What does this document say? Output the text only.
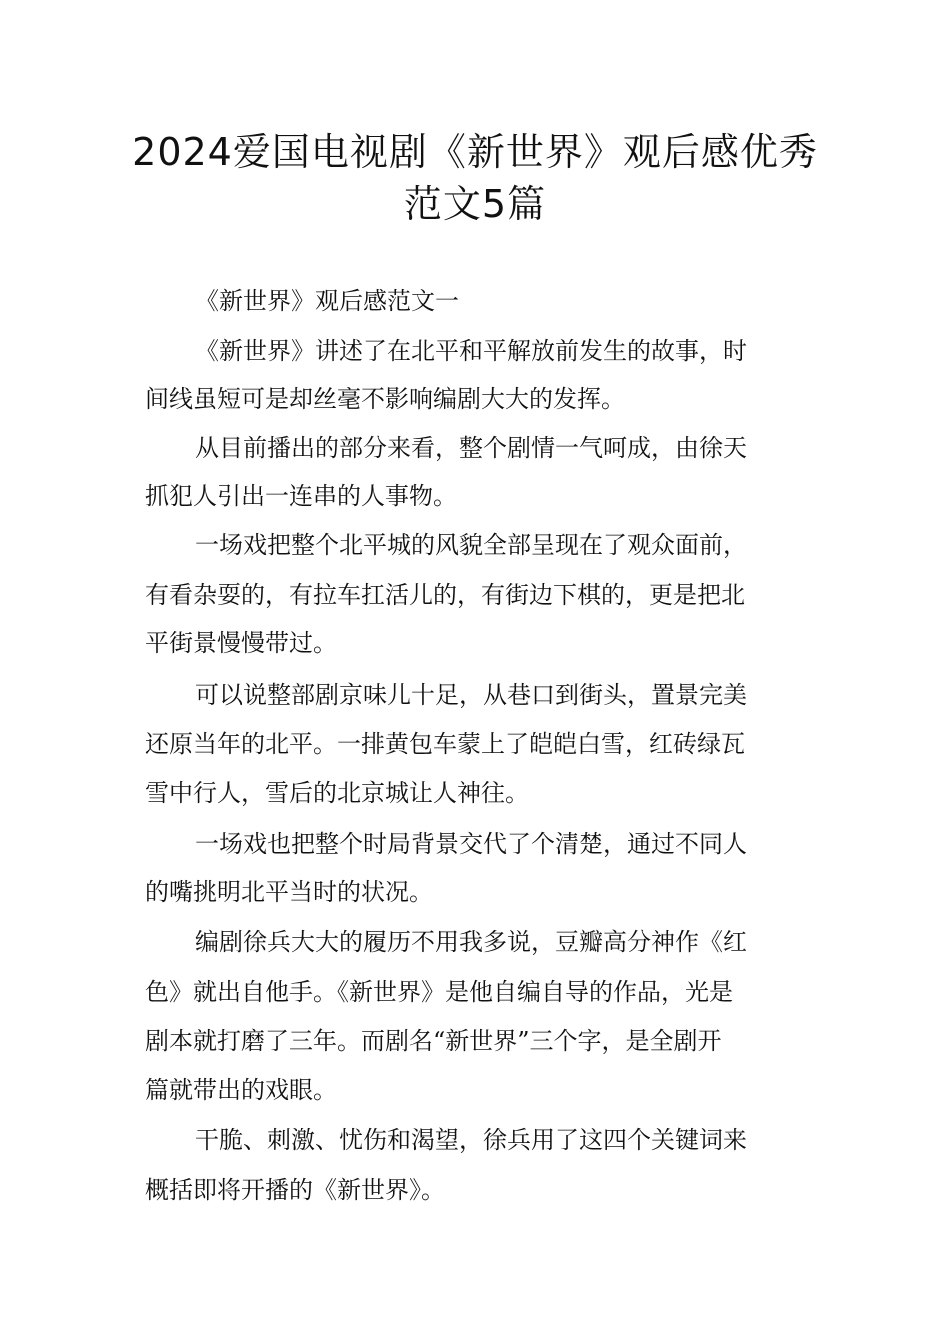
2024爱国电视剧《新世界》观后感优秀
范文5篇
《新世界》观后感范文一
《新世界》讲述了在北平和平解放前发生的故事，时
间线虽短可是却丝毫不影响编剧大大的发挥。
从目前播出的部分来看，整个剧情一气呵成，由徐天
抓犯人引出一连串的人事物。
一场戏把整个北平城的风貌全部呈现在了观众面前，
有看杂耍的，有拉车扛活儿的，有街边下棋的，更是把北
平街景慢慢带过。
可以说整部剧京味儿十足，从巷口到街头，置景完美
还原当年的北平。一排黄包车蒙上了皑皑白雪，红砖绿瓦
雪中行人，雪后的北京城让人神往。
一场戏也把整个时局背景交代了个清楚，通过不同人
的嘴挑明北平当时的状况。
编剧徐兵大大的履历不用我多说，豆瓣高分神作《红
色》就出自他手。《新世界》是他自编自导的作品，光是
剧本就打磨了三年。而剧名“新世界”三个字，是全剧开
篇就带出的戏眼。
干脆、刺激、忧伤和渴望，徐兵用了这四个关键词来
概括即将开播的《新世界》。
